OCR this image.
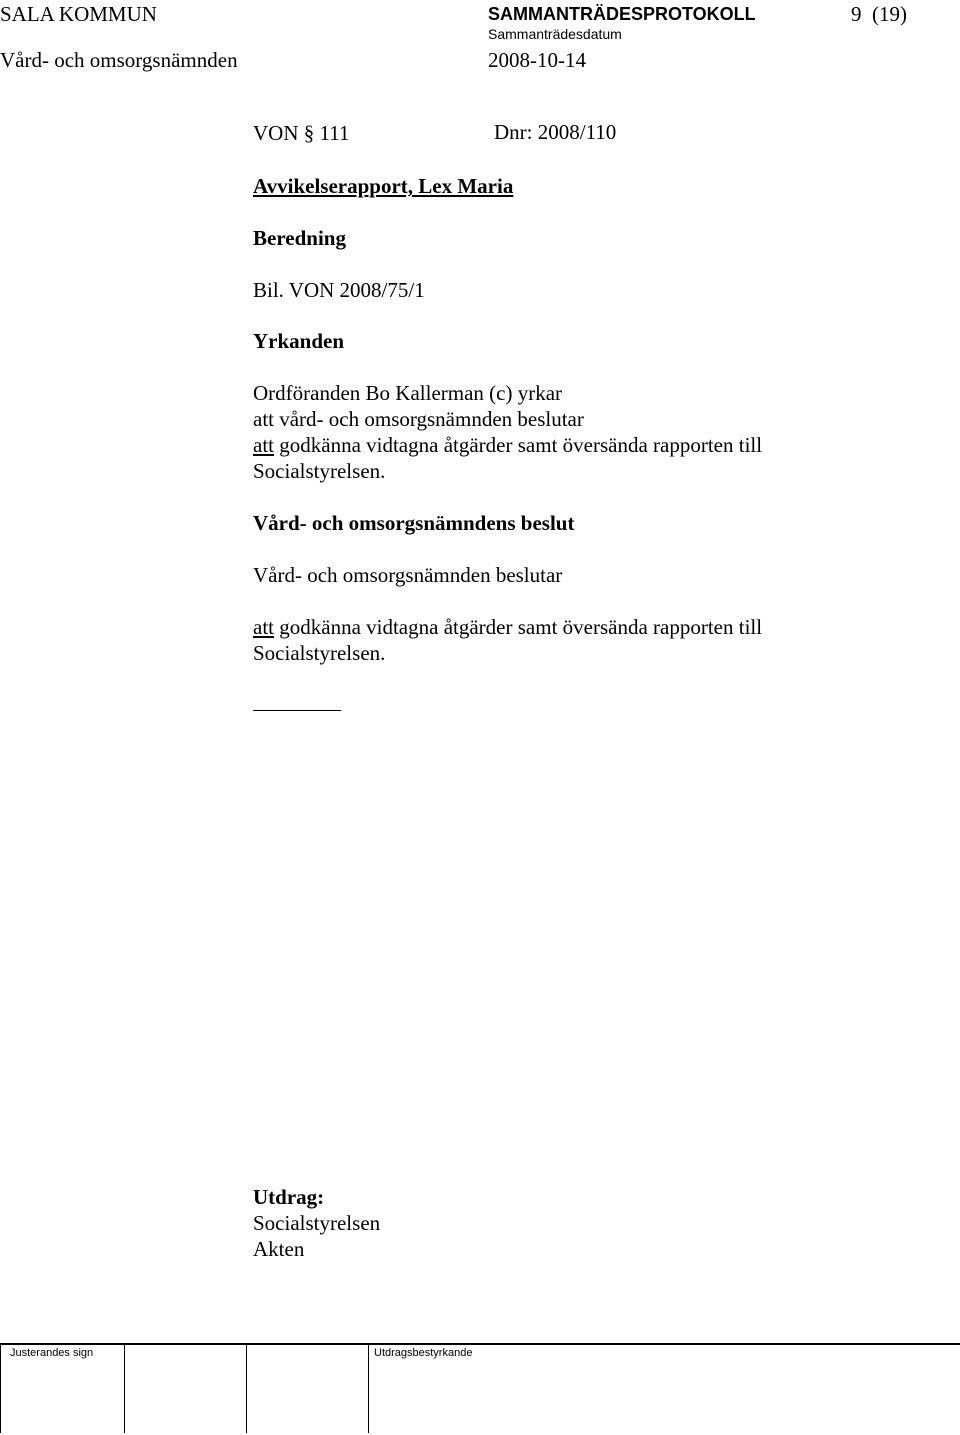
SALA KOMMUN	SAMMANTRÄDESPROTOKOLL	9 (19)
Sammanträdesdatum
Vård- och omsorgsnämnden	2008-10-14
VON § 111	Dnr: 2008/110
Avvikelserapport, Lex Maria
Beredning
Bil. VON 2008/75/1
Yrkanden
Ordföranden Bo Kallerman (c) yrkar
att vård- och omsorgsnämnden beslutar
att godkänna vidtagna åtgärder samt översända rapporten till
Socialstyrelsen.
Vård- och omsorgsnämndens beslut
Vård- och omsorgsnämnden beslutar
att godkänna vidtagna åtgärder samt översända rapporten till
Socialstyrelsen.
Utdrag:
Socialstyrelsen
Akten
Justerandes sign	Utdragsbestyrkande
